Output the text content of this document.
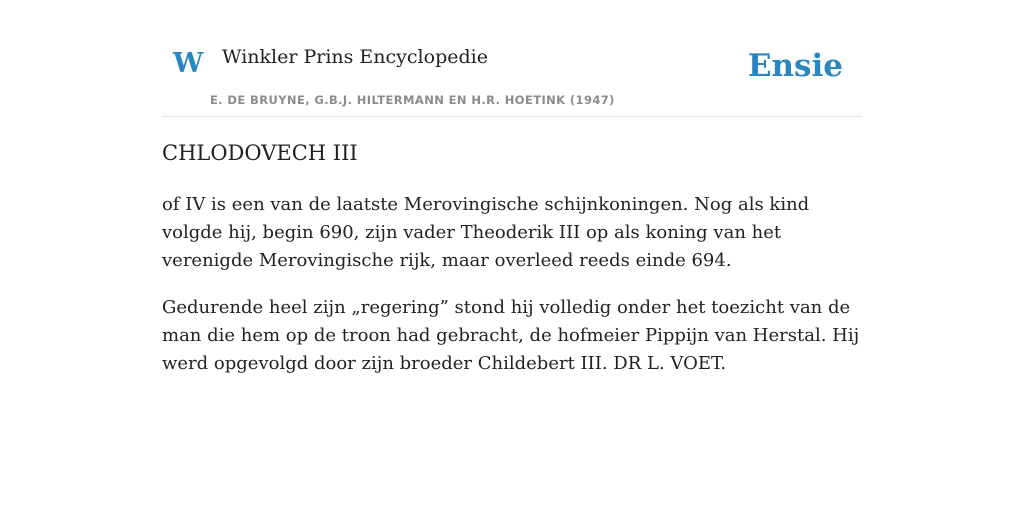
W Winkler Prins Encyclopedie
E. DE BRUYNE, G.B.J. HILTERMANN EN H.R. HOETINK (1947)
Ensie
CHLODOVECH III

of IV is een van de laatste Merovingische schijnkoningen. Nog als kind volgde hij, begin 690, zijn vader Theoderik III op als koning van het verenigde Merovingische rijk, maar overleed reeds einde 694.

Gedurende heel zijn „regering” stond hij volledig onder het toezicht van de man die hem op de troon had gebracht, de hofmeier Pippijn van Herstal. Hij werd opgevolgd door zijn broeder Childebert III. DR L. VOET.
